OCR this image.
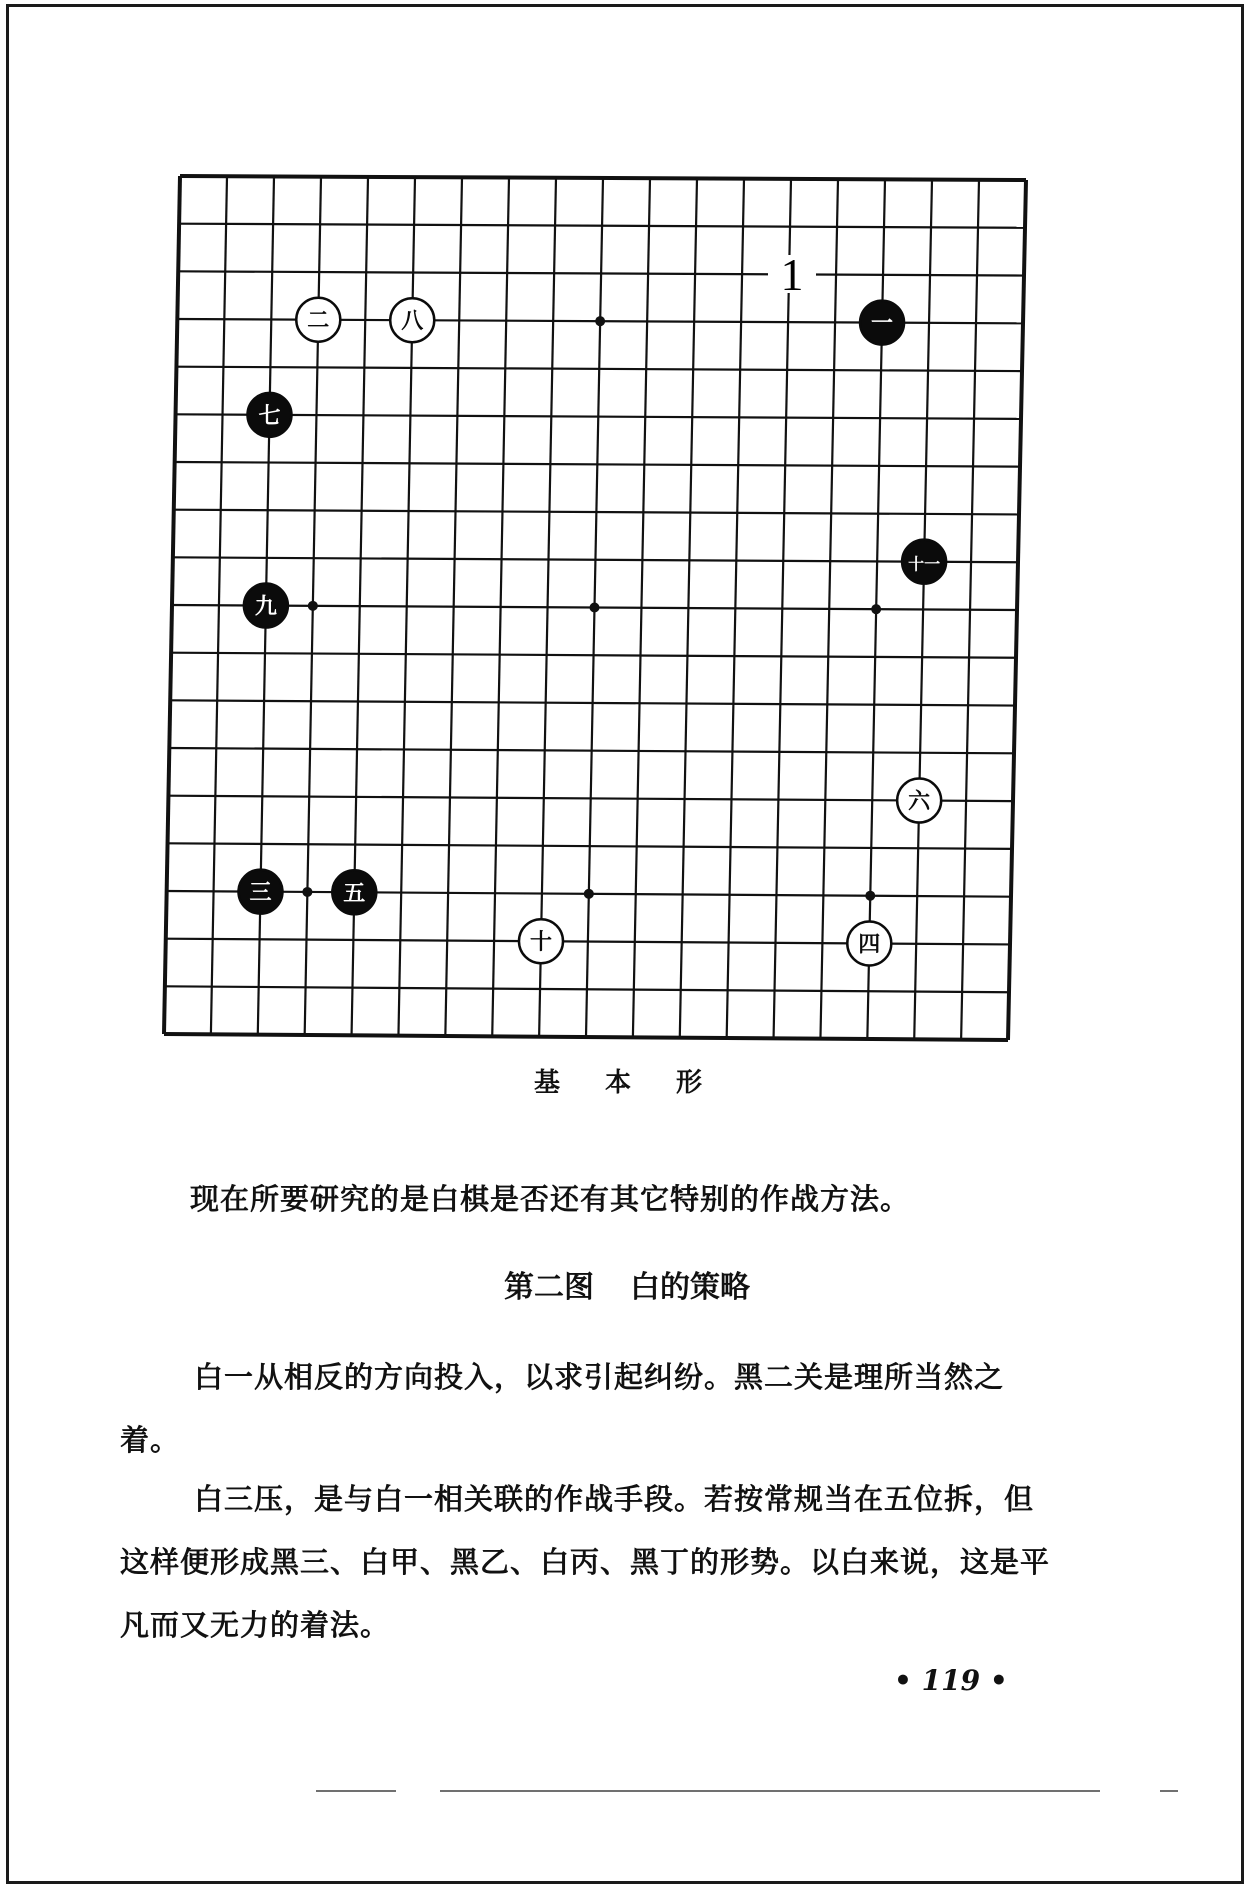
1
二	八	一
七
十一
九
六
三	五
十	四
基 本 形
现在所要研究的是白棋是否还有其它特别的作战方法。
第二图 白的策略
白一从相反的方向投入，以求引起纠纷。黑二关是理所当然之着。
白三压，是与白一相关联的作战手段。若按常规当在五位拆，但这样便形成黑三、白甲、黑乙、白丙、黑丁的形势。以白来说，这是平凡而又无力的着法。
• 119 •
